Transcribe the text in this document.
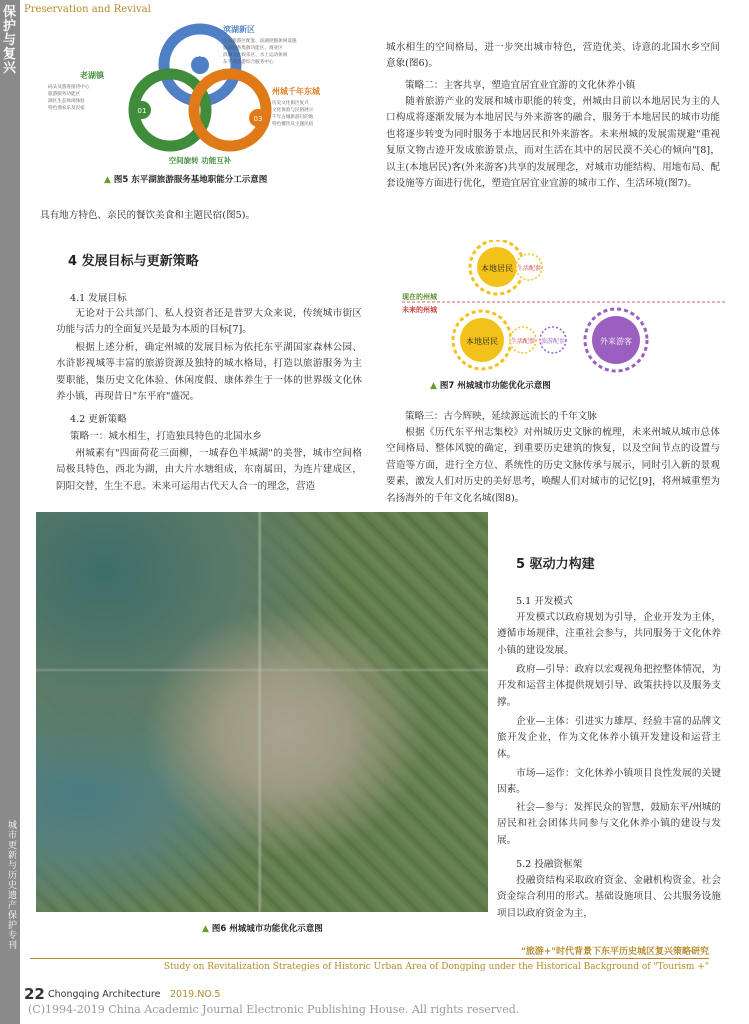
保护与复兴
城市更新与历史遗产保护专刊
Preservation and Revival
02
01
03
滨湖新区
生态旅游区配套、滨湖度假休闲设施
旅游服务集散功能区、商业区
滨湖文化娱乐区、水上运动休闲
东平湖旅游综合服务中心
老湖镇
码头及游客接待中心
旅游服务功能区
湖区生态休闲体验
特色渔家乐及民宿
州城千年东城
历史文化街区复兴
文化体验与民俗展示
千年古城旅游目的地
特色餐饮及主题民宿
空间旋转 功能互补
▲ 图5 东平湖旅游服务基地职能分工示意图

具有地方特色、亲民的餐饮美食和主题民宿(图5)。

4 发展目标与更新策略
4.1 发展目标

无论对于公共部门、私人投资者还是普罗大众来说，传统城市街区功能与活力的全面复兴是最为本质的目标[7]。

根据上述分析，确定州城的发展目标为依托东平湖国家森林公园、水浒影视城等丰富的旅游资源及独特的城水格局，打造以旅游服务为主要职能，集历史文化体验、休闲度假、康体养生于一体的世界级文化休养小镇，再现昔日"东平府"盛况。

4.2 更新策略
策略一：城水相生，打造独具特色的北国水乡

州城素有"四面荷花三面柳，一城春色半城湖"的美誉，城市空间格局极具特色，西北为湖，由大片水塘组成，东南属田，为连片建成区，阴阳交替，生生不息。未来可运用古代天人合一的理念，营造

城水相生的空间格局，进一步突出城市特色，营造优美、诗意的北国水乡空间意象(图6)。

策略二：主客共享，塑造宜居宜业宜游的文化休养小镇

随着旅游产业的发展和城市职能的转变，州城由目前以本地居民为主的人口构成将逐渐发展为本地居民与外来游客的融合，服务于本地居民的城市功能也将逐步转变为同时服务于本地居民和外来游客。未来州城的发展需规避"重视复原文物古迹开发成旅游景点，而对生活在其中的居民漠不关心的倾向"[8]，以主(本地居民)客(外来游客)共享的发展理念，对城市功能结构、用地布局、配套设施等方面进行优化，塑造宜居宜业宜游的城市工作、生活环境(图7)。

本地居民 生活配套
现在的州城
未来的州城
本地居民 生活配套 旅游配套	外来游客
▲ 图7 州城城市功能优化示意图
策略三：古今辉映，延续源远流长的千年文脉

根据《历代东平州志集校》对州城历史文脉的梳理，未来州城从城市总体空间格局、整体风貌的确定，到重要历史建筑的恢复，以及空间节点的设置与营造等方面，进行全方位、系统性的历史文脉传承与展示，同时引入新的景观要素，激发人们对历史的美好思考，唤醒人们对城市的记忆[9]，将州城重塑为名扬海外的千年文化名城(图8)。

▲ 图6 州城城市功能优化示意图
5 驱动力构建
5.1 开发模式

开发模式以政府规划为引导，企业开发为主体，遵循市场规律，注重社会参与，共同服务于文化休养小镇的建设发展。

政府—引导：政府以宏观视角把控整体情况，为开发和运营主体提供规划引导、政策扶持以及服务支撑。

企业—主体：引进实力雄厚、经验丰富的品牌文旅开发企业，作为文化休养小镇开发建设和运营主体。

市场—运作：文化休养小镇项目良性发展的关键因素。

社会—参与：发挥民众的智慧，鼓励东平/州城的居民和社会团体共同参与文化休养小镇的建设与发展。

5.2 投融资框架

投融资结构采取政府资金、金融机构资金、社会资金综合利用的形式。基础设施项目、公共服务设施项目以政府资金为主，

"旅游+"时代背景下东平历史城区复兴策略研究
Study on Revitalization Strategies of Historic Urban Area of Dongping under the Historical Background of "Tourism +"
22 Chongqing Architecture 2019.NO.5
(C)1994-2019 China Academic Journal Electronic Publishing House. All rights reserved.
